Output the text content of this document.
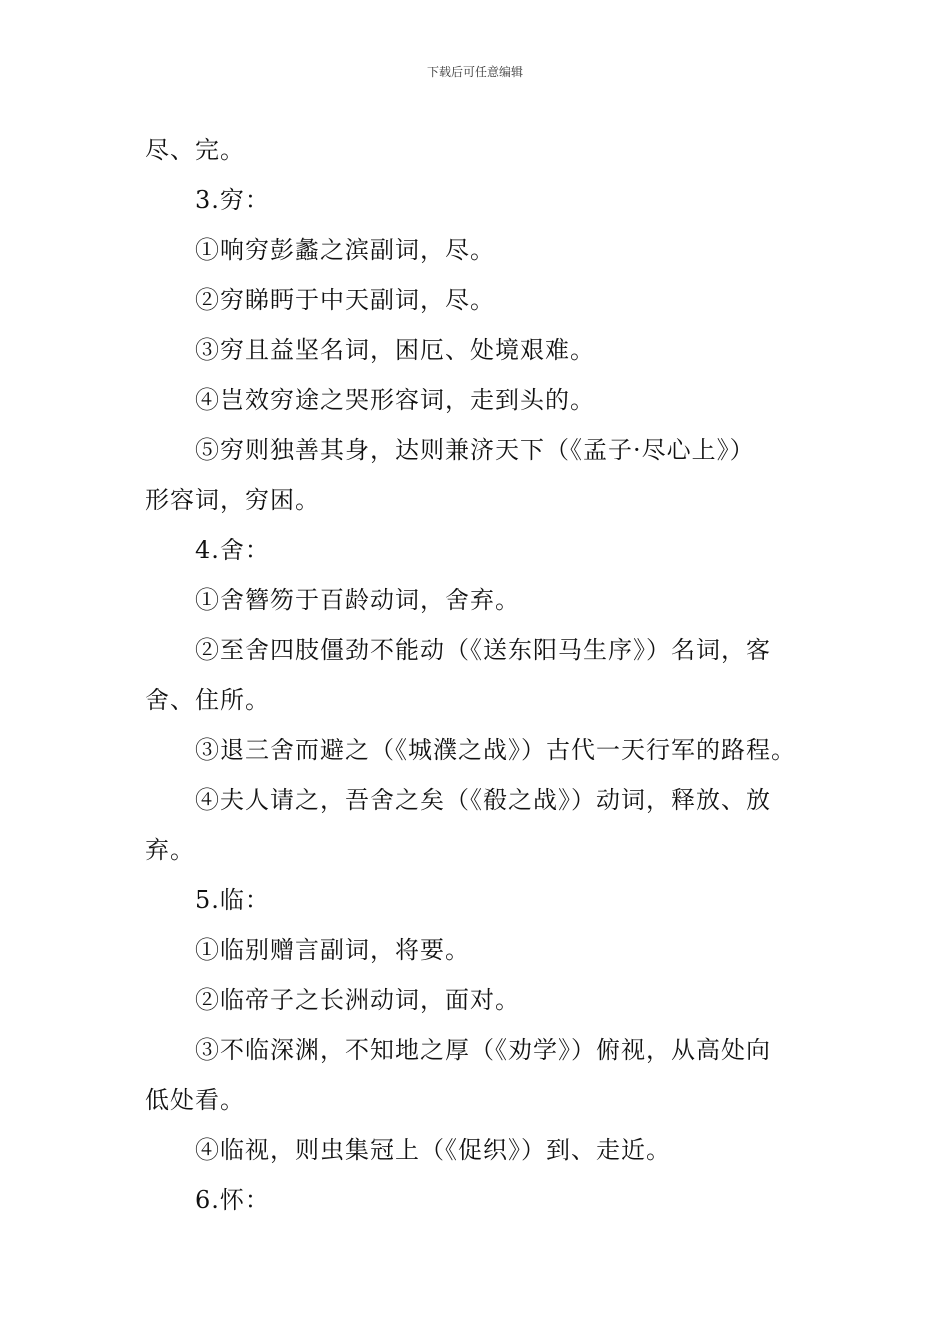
下载后可任意编辑

尽、完。

3.穷：

①响穷彭蠡之滨副词，尽。

②穷睇眄于中天副词，尽。

③穷且益坚名词，困厄、处境艰难。

④岂效穷途之哭形容词，走到头的。

⑤穷则独善其身，达则兼济天下（《孟子·尽心上》）

形容词，穷困。

4.舍：

①舍簪笏于百龄动词，舍弃。

②至舍四肢僵劲不能动（《送东阳马生序》）名词，客

舍、住所。

③退三舍而避之（《城濮之战》）古代一天行军的路程。

④夫人请之，吾舍之矣（《殽之战》）动词，释放、放

弃。

5.临：

①临别赠言副词，将要。

②临帝子之长洲动词，面对。

③不临深渊，不知地之厚（《劝学》）俯视，从高处向

低处看。

④临视，则虫集冠上（《促织》）到、走近。

6.怀：
